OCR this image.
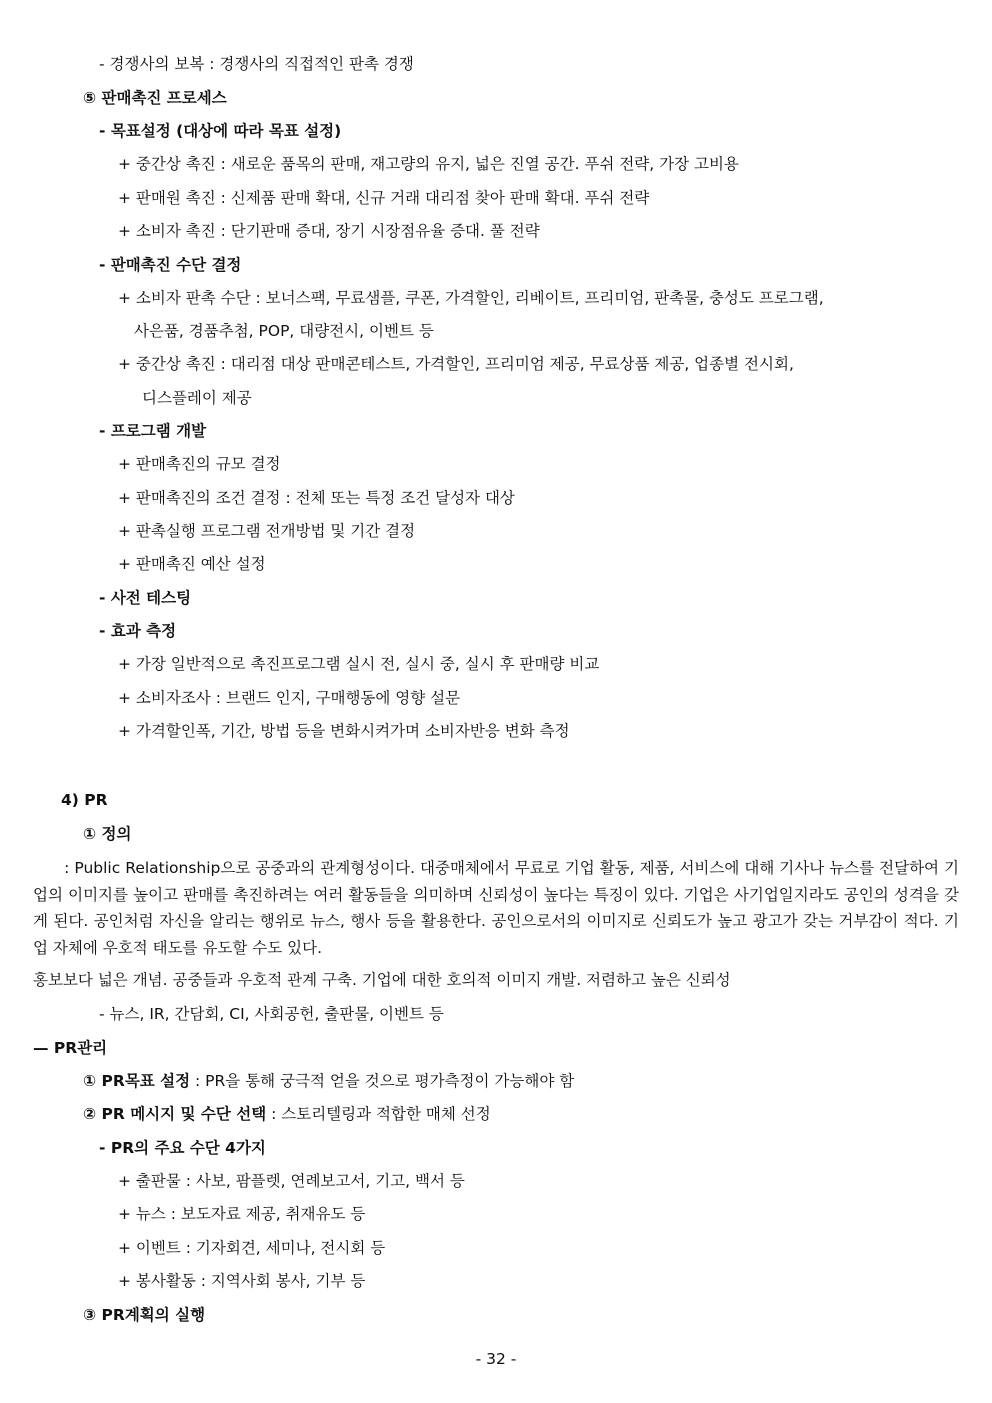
- 경쟁사의 보복 : 경쟁사의 직접적인 판촉 경쟁
⑤ 판매촉진 프로세스
- 목표설정 (대상에 따라 목표 설정)
+ 중간상 촉진 : 새로운 품목의 판매, 재고량의 유지, 넓은 진열 공간. 푸쉬 전략, 가장 고비용
+ 판매원 촉진 : 신제품 판매 확대, 신규 거래 대리점 찾아 판매 확대. 푸쉬 전략
+ 소비자 촉진 : 단기판매 증대, 장기 시장점유율 증대. 풀 전략
- 판매촉진 수단 결정
+ 소비자 판촉 수단 : 보너스팩, 무료샘플, 쿠폰, 가격할인, 리베이트, 프리미엄, 판촉물, 충성도 프로그램,
사은품, 경품추첨, POP, 대량전시, 이벤트 등
+ 중간상 촉진 : 대리점 대상 판매콘테스트, 가격할인, 프리미엄 제공, 무료상품 제공, 업종별 전시회,
디스플레이 제공
- 프로그램 개발
+ 판매촉진의 규모 결정
+ 판매촉진의 조건 결정 : 전체 또는 특정 조건 달성자 대상
+ 판촉실행 프로그램 전개방법 및 기간 결정
+ 판매촉진 예산 설정
- 사전 테스팅
- 효과 측정
+ 가장 일반적으로 촉진프로그램 실시 전, 실시 중, 실시 후 판매량 비교
+ 소비자조사 : 브랜드 인지, 구매행동에 영향 설문
+ 가격할인폭, 기간, 방법 등을 변화시켜가며 소비자반응 변화 측정
4) PR
① 정의
　　: Public Relationship으로 공중과의 관계형성이다. 대중매체에서 무료로 기업 활동, 제품, 서비스에 대해 기사나 뉴스를 전달하여 기업의 이미지를 높이고 판매를 촉진하려는 여러 활동들을 의미하며 신뢰성이 높다는 특징이 있다. 기업은 사기업일지라도 공인의 성격을 갖게 된다. 공인처럼 자신을 알리는 행위로 뉴스, 행사 등을 활용한다. 공인으로서의 이미지로 신뢰도가 높고 광고가 갖는 거부감이 적다. 기업 자체에 우호적 태도를 유도할 수도 있다.
홍보보다 넓은 개념. 공중들과 우호적 관계 구축. 기업에 대한 호의적 이미지 개발. 저렴하고 높은 신뢰성
- 뉴스, IR, 간담회, CI, 사회공헌, 출판물, 이벤트 등
— PR관리
① PR목표 설정 : PR을 통해 궁극적 얻을 것으로 평가측정이 가능해야 함
② PR 메시지 및 수단 선택 : 스토리텔링과 적합한 매체 선정
- PR의 주요 수단 4가지
+ 출판물 : 사보, 팜플렛, 연례보고서, 기고, 백서 등
+ 뉴스 : 보도자료 제공, 취재유도 등
+ 이벤트 : 기자회견, 세미나, 전시회 등
+ 봉사활동 : 지역사회 봉사, 기부 등
③ PR계획의 실행
- 32 -
